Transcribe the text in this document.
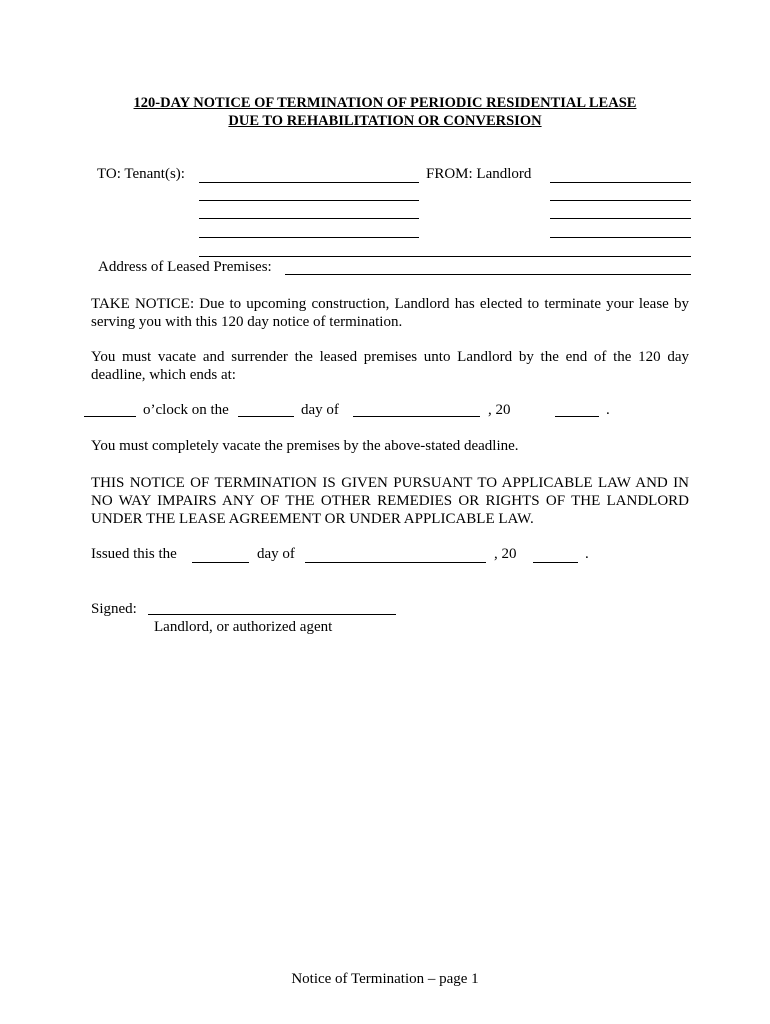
120-DAY NOTICE OF TERMINATION OF PERIODIC RESIDENTIAL LEASE
DUE TO REHABILITATION OR CONVERSION
TO: Tenant(s):	FROM: Landlord
Address of Leased Premises:
TAKE NOTICE: Due to upcoming construction, Landlord has elected to terminate your lease by serving you with this 120 day notice of termination.
You must vacate and surrender the leased premises unto Landlord by the end of the 120 day deadline, which ends at:
o’clock on the	day of	, 20	.
You must completely vacate the premises by the above-stated deadline.
THIS NOTICE OF TERMINATION IS GIVEN PURSUANT TO APPLICABLE LAW AND IN NO WAY IMPAIRS ANY OF THE OTHER REMEDIES OR RIGHTS OF THE LANDLORD UNDER THE LEASE AGREEMENT OR UNDER APPLICABLE LAW.
Issued this the	day of	, 20	.
Signed:
Landlord, or authorized agent
Notice of Termination – page 1
